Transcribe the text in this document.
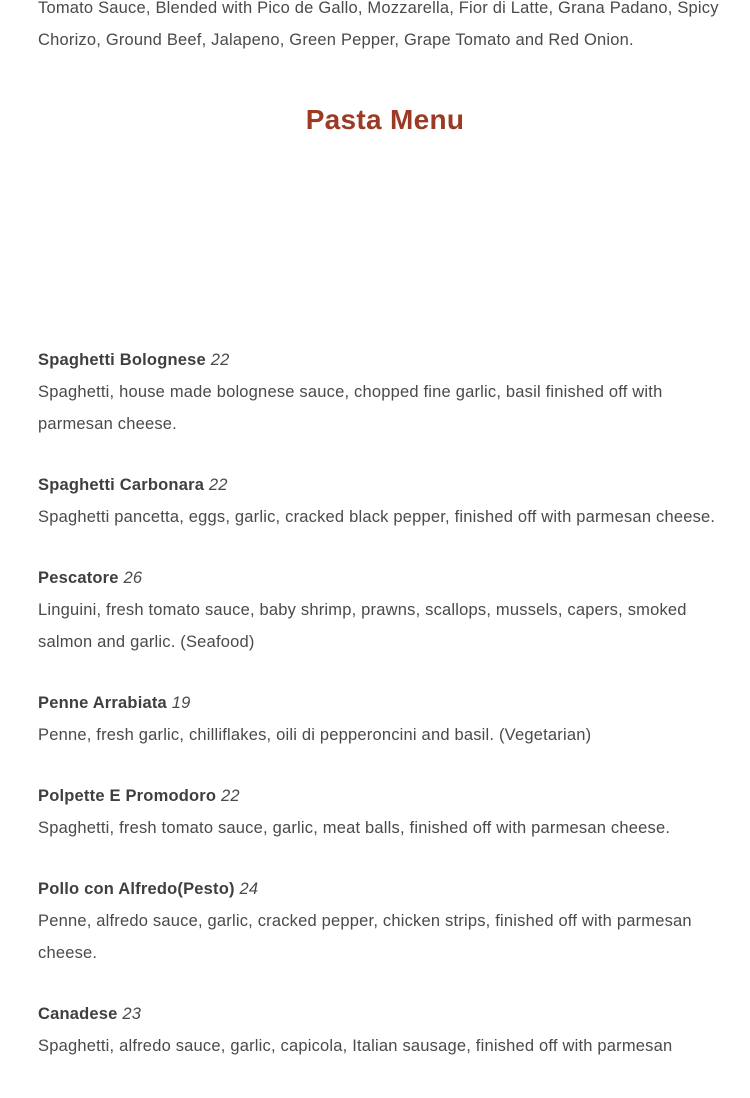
Tomato Sauce, Blended with Pico de Gallo, Mozzarella, Fior di Latte, Grana Padano, Spicy Chorizo, Ground Beef, Jalapeno, Green Pepper, Grape Tomato and Red Onion.
Pasta Menu
Spaghetti Bolognese 22
Spaghetti, house made bolognese sauce, chopped fine garlic, basil finished off with parmesan cheese.
Spaghetti Carbonara 22
Spaghetti pancetta, eggs, garlic, cracked black pepper, finished off with parmesan cheese.
Pescatore 26
Linguini, fresh tomato sauce, baby shrimp, prawns, scallops, mussels, capers, smoked salmon and garlic. (Seafood)
Penne Arrabiata 19
Penne, fresh garlic, chilliflakes, oili di pepperoncini and basil. (Vegetarian)
Polpette E Promodoro 22
Spaghetti, fresh tomato sauce, garlic, meat balls, finished off with parmesan cheese.
Pollo con Alfredo(Pesto) 24
Penne, alfredo sauce, garlic, cracked pepper, chicken strips, finished off with parmesan cheese.
Canadese 23
Spaghetti, alfredo sauce, garlic, capicola, Italian sausage, finished off with parmesan
